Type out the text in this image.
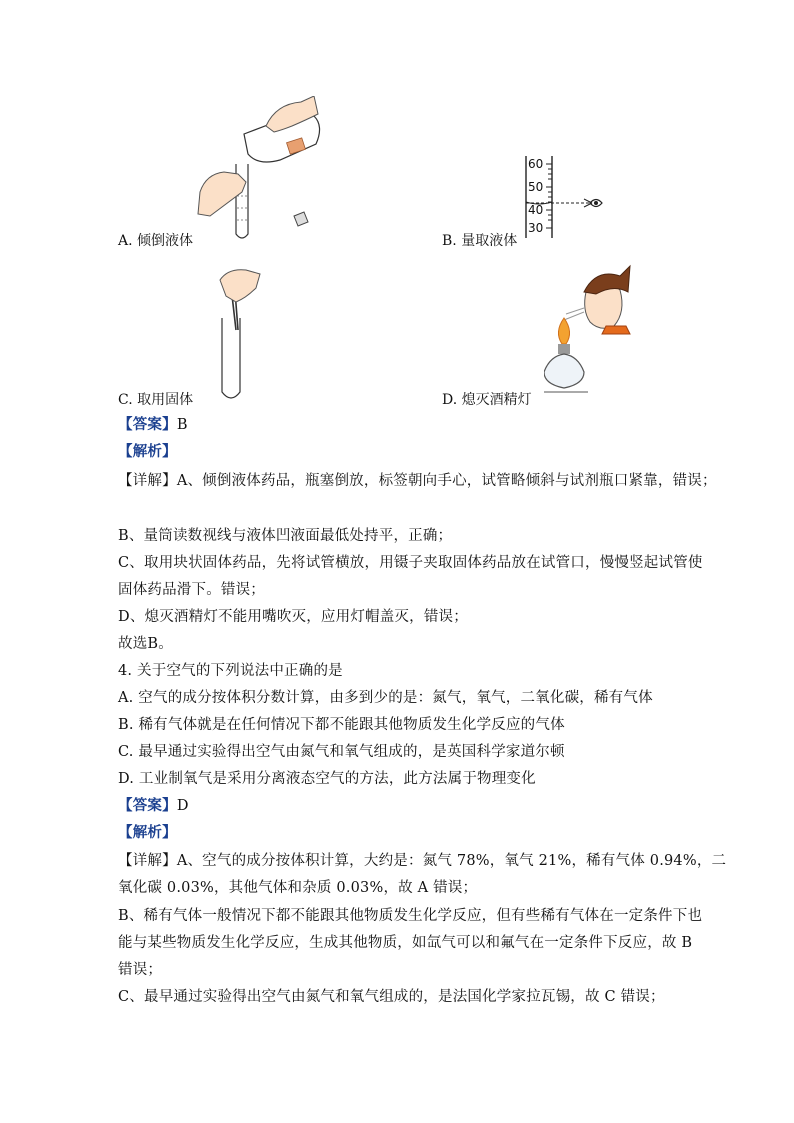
A. 倾倒液体
60
50
40
30
B. 量取液体
C. 取用固体	D. 熄灭酒精灯
【答案】B
【解析】
【详解】A、倾倒液体药品，瓶塞倒放，标签朝向手心，试管略倾斜与试剂瓶口紧靠，错误；
B、量筒读数视线与液体凹液面最低处持平，正确；
C、取用块状固体药品，先将试管横放，用镊子夹取固体药品放在试管口，慢慢竖起试管使
固体药品滑下。错误；
D、熄灭酒精灯不能用嘴吹灭，应用灯帽盖灭，错误；
故选B。
4. 关于空气的下列说法中正确的是
A. 空气的成分按体积分数计算，由多到少的是：氮气，氧气，二氧化碳，稀有气体
B. 稀有气体就是在任何情况下都不能跟其他物质发生化学反应的气体
C. 最早通过实验得出空气由氮气和氧气组成的，是英国科学家道尔顿
D. 工业制氧气是采用分离液态空气的方法，此方法属于物理变化
【答案】D
【解析】
【详解】A、空气的成分按体积计算，大约是：氮气 78%，氧气 21%，稀有气体 0.94%，二
氧化碳 0.03%，其他气体和杂质 0.03%，故 A 错误；
B、稀有气体一般情况下都不能跟其他物质发生化学反应，但有些稀有气体在一定条件下也
能与某些物质发生化学反应，生成其他物质，如氙气可以和氟气在一定条件下反应，故 B
错误；
C、最早通过实验得出空气由氮气和氧气组成的，是法国化学家拉瓦锡，故 C 错误；
